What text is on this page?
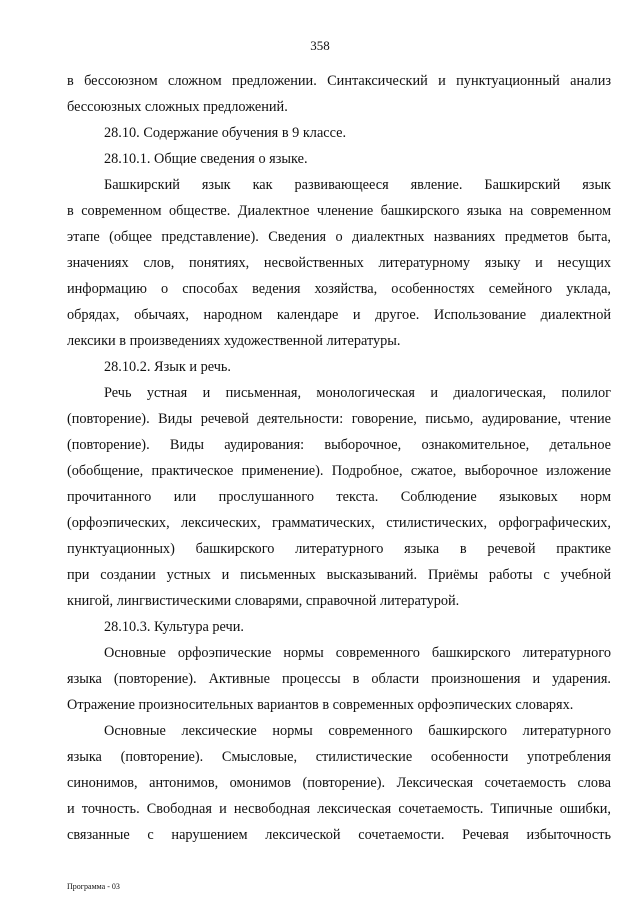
358
в бессоюзном сложном предложении. Синтаксический и пунктуационный анализ
бессоюзных сложных предложений.
28.10. Содержание обучения в 9 классе.
28.10.1. Общие сведения о языке.
Башкирский язык как развивающееся явление. Башкирский язык
в современном обществе. Диалектное членение башкирского языка на современном
этапе (общее представление). Сведения о диалектных названиях предметов быта,
значениях слов, понятиях, несвойственных литературному языку и несущих
информацию о способах ведения хозяйства, особенностях семейного уклада,
обрядах, обычаях, народном календаре и другое. Использование диалектной
лексики в произведениях художественной литературы.
28.10.2. Язык и речь.
Речь устная и письменная, монологическая и диалогическая, полилог
(повторение). Виды речевой деятельности: говорение, письмо, аудирование, чтение
(повторение). Виды аудирования: выборочное, ознакомительное, детальное
(обобщение, практическое применение). Подробное, сжатое, выборочное изложение
прочитанного или прослушанного текста. Соблюдение языковых норм
(орфоэпических, лексических, грамматических, стилистических, орфографических,
пунктуационных) башкирского литературного языка в речевой практике
при создании устных и письменных высказываний. Приёмы работы с учебной
книгой, лингвистическими словарями, справочной литературой.
28.10.3. Культура речи.
Основные орфоэпические нормы современного башкирского литературного
языка (повторение). Активные процессы в области произношения и ударения.
Отражение произносительных вариантов в современных орфоэпических словарях.
Основные лексические нормы современного башкирского литературного
языка (повторение). Смысловые, стилистические особенности употребления
синонимов, антонимов, омонимов (повторение). Лексическая сочетаемость слова
и точность. Свободная и несвободная лексическая сочетаемость. Типичные ошибки,
связанные с нарушением лексической сочетаемости. Речевая избыточность
Программа - 03
